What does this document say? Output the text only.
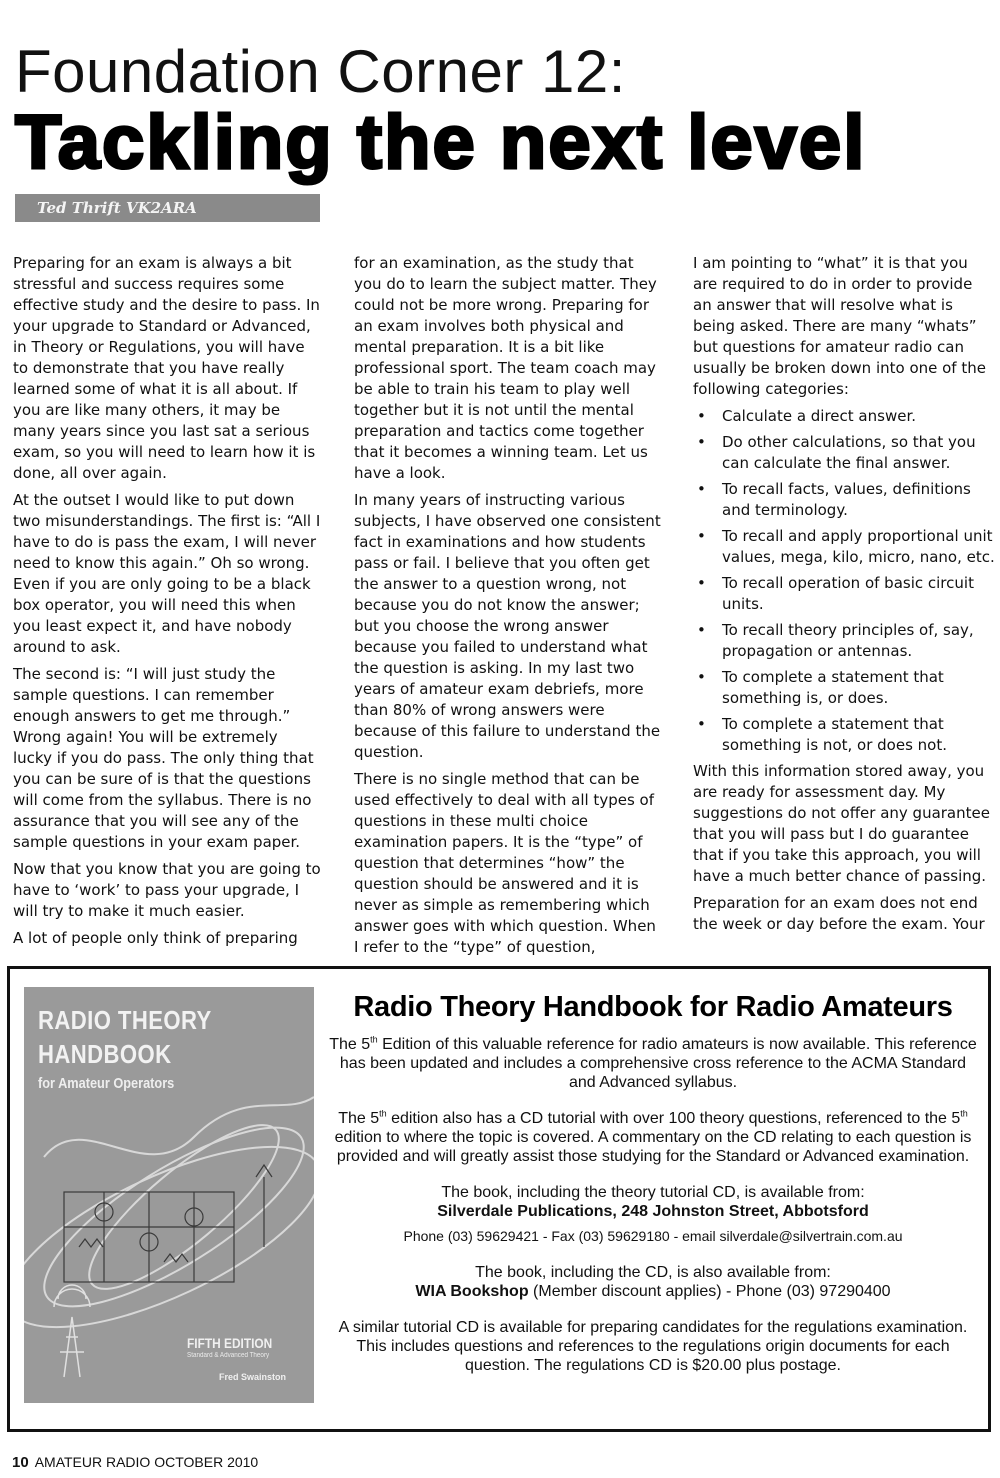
Foundation Corner 12:
Tackling the next level
Ted Thrift VK2ARA

Preparing for an exam is always a bit stressful and success requires some effective study and the desire to pass. In your upgrade to Standard or Advanced, in Theory or Regulations, you will have to demonstrate that you have really learned some of what it is all about. If you are like many others, it may be many years since you last sat a serious exam, so you will need to learn how it is done, all over again.

At the outset I would like to put down two misunderstandings. The first is: “All I have to do is pass the exam, I will never need to know this again.” Oh so wrong. Even if you are only going to be a black box operator, you will need this when you least expect it, and have nobody around to ask.

The second is: “I will just study the sample questions. I can remember enough answers to get me through.” Wrong again! You will be extremely lucky if you do pass. The only thing that you can be sure of is that the questions will come from the syllabus. There is no assurance that you will see any of the sample questions in your exam paper.

Now that you know that you are going to have to ‘work’ to pass your upgrade, I will try to make it much easier.

A lot of people only think of preparing

for an examination, as the study that you do to learn the subject matter. They could not be more wrong. Preparing for an exam involves both physical and mental preparation. It is a bit like professional sport. The team coach may be able to train his team to play well together but it is not until the mental preparation and tactics come together that it becomes a winning team. Let us have a look.

In many years of instructing various subjects, I have observed one consistent fact in examinations and how students pass or fail. I believe that you often get the answer to a question wrong, not because you do not know the answer; but you choose the wrong answer because you failed to understand what the question is asking. In my last two years of amateur exam debriefs, more than 80% of wrong answers were because of this failure to understand the question.

There is no single method that can be used effectively to deal with all types of questions in these multi choice examination papers. It is the “type” of question that determines “how” the question should be answered and it is never as simple as remembering which answer goes with which question. When I refer to the “type” of question,

I am pointing to “what” it is that you are required to do in order to provide an answer that will resolve what is being asked. There are many “whats” but questions for amateur radio can usually be broken down into one of the following categories:

• Calculate a direct answer.
• Do other calculations, so that you can calculate the final answer.
• To recall facts, values, definitions and terminology.
• To recall and apply proportional unit values, mega, kilo, micro, nano, etc.
• To recall operation of basic circuit units.
• To recall theory principles of, say, propagation or antennas.
• To complete a statement that something is, or does.
• To complete a statement that something is not, or does not.

With this information stored away, you are ready for assessment day. My suggestions do not offer any guarantee that you will pass but I do guarantee that if you take this approach, you will have a much better chance of passing.

Preparation for an exam does not end the week or day before the exam. Your

RADIO THEORY
HANDBOOK
for Amateur Operators
FIFTH EDITION
Standard & Advanced Theory
Fred Swainston
Radio Theory Handbook for Radio Amateurs
The 5th Edition of this valuable reference for radio amateurs is now available. This reference has been updated and includes a comprehensive cross reference to the ACMA Standard and Advanced syllabus.
The 5th edition also has a CD tutorial with over 100 theory questions, referenced to the 5th edition to where the topic is covered. A commentary on the CD relating to each question is provided and will greatly assist those studying for the Standard or Advanced examination.
The book, including the theory tutorial CD, is available from:
Silverdale Publications, 248 Johnston Street, Abbotsford
Phone (03) 59629421 - Fax (03) 59629180 - email silverdale@silvertrain.com.au
The book, including the CD, is also available from:
WIA Bookshop (Member discount applies) - Phone (03) 97290400
A similar tutorial CD is available for preparing candidates for the regulations examination. This includes questions and references to the regulations origin documents for each question. The regulations CD is $20.00 plus postage.
10 AMATEUR RADIO OCTOBER 2010
